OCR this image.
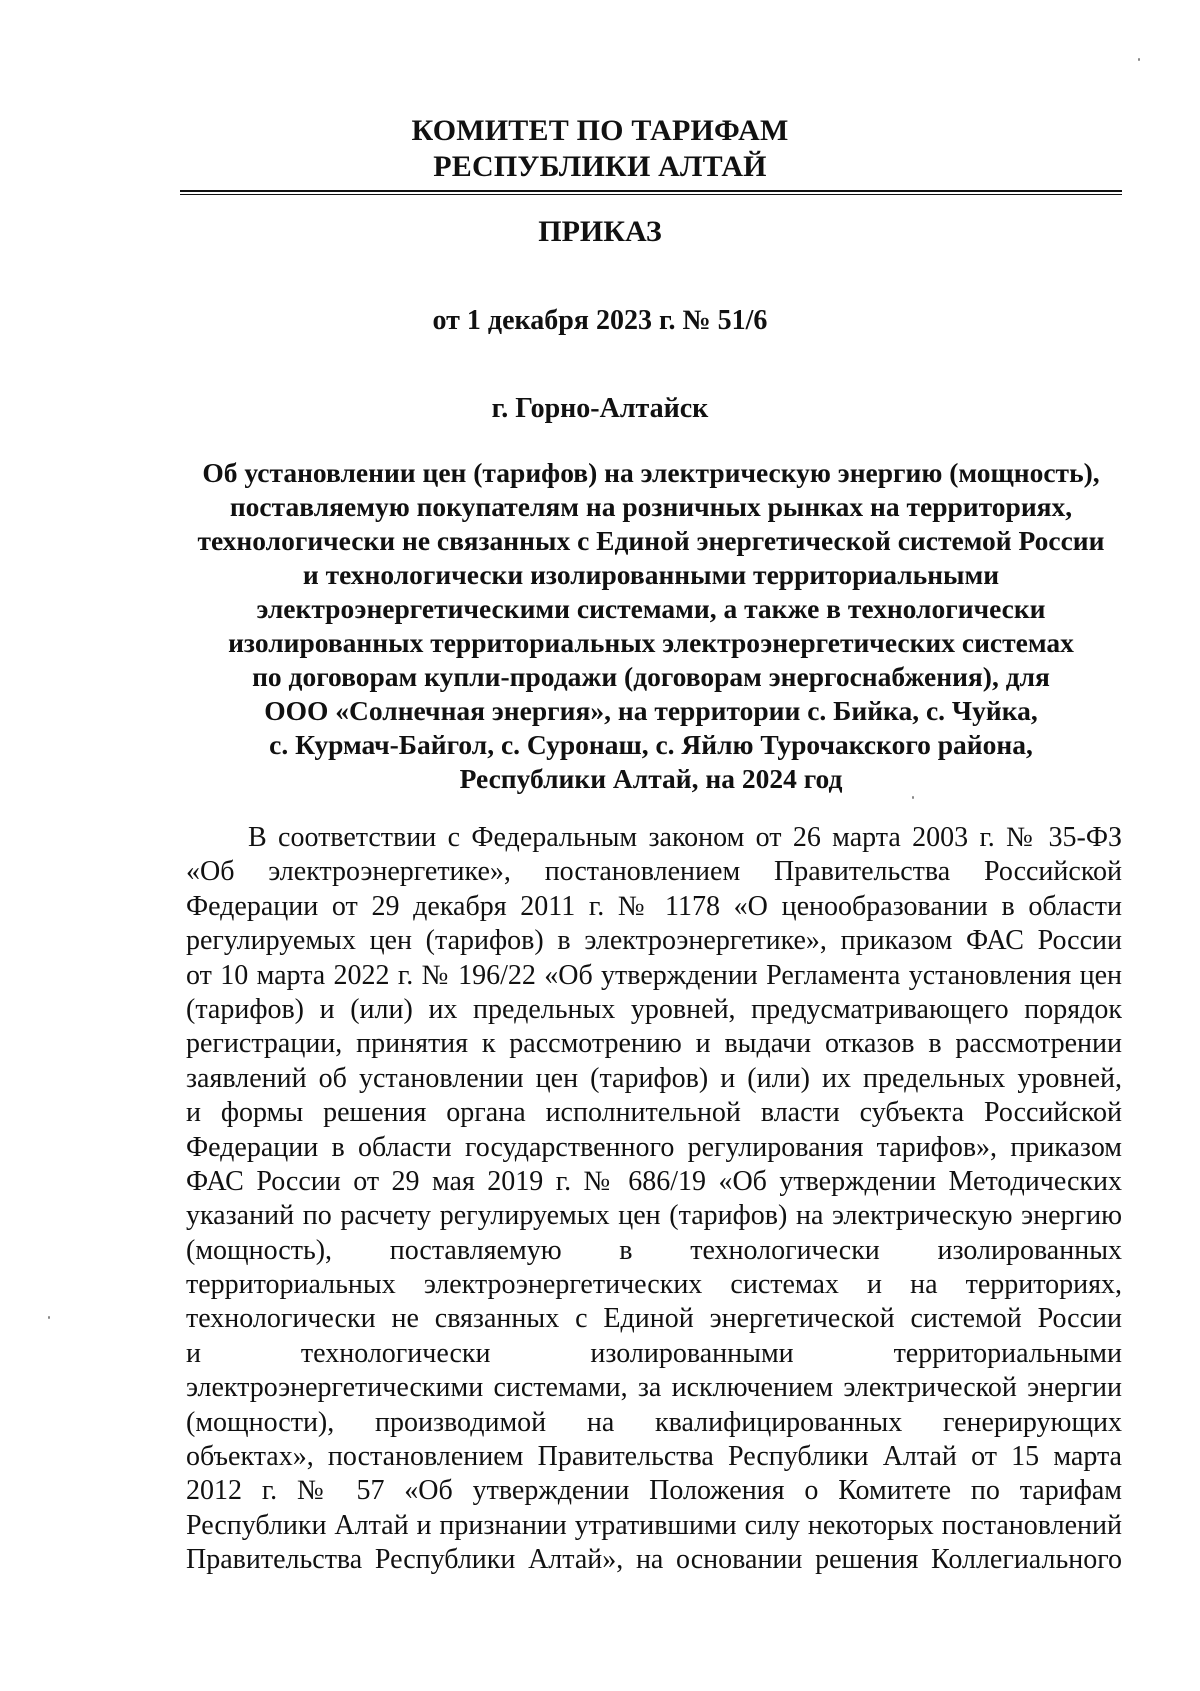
КОМИТЕТ ПО ТАРИФАМ
РЕСПУБЛИКИ АЛТАЙ
ПРИКАЗ
от 1 декабря 2023 г. № 51/6
г. Горно-Алтайск
Об установлении цен (тарифов) на электрическую энергию (мощность),
поставляемую покупателям на розничных рынках на территориях,
технологически не связанных с Единой энергетической системой России
и технологически изолированными территориальными
электроэнергетическими системами, а также в технологически
изолированных территориальных электроэнергетических системах
по договорам купли-продажи (договорам энергоснабжения), для
ООО «Солнечная энергия», на территории с. Бийка, с. Чуйка,
с. Курмач-Байгол, с. Суронаш, с. Яйлю Турочакского района,
Республики Алтай, на 2024 год
В соответствии с Федеральным законом от 26 марта 2003 г. № 35-ФЗ
«Об электроэнергетике», постановлением Правительства Российской
Федерации от 29 декабря 2011 г. № 1178 «О ценообразовании в области
регулируемых цен (тарифов) в электроэнергетике», приказом ФАС России
от 10 марта 2022 г. № 196/22 «Об утверждении Регламента установления цен
(тарифов) и (или) их предельных уровней, предусматривающего порядок
регистрации, принятия к рассмотрению и выдачи отказов в рассмотрении
заявлений об установлении цен (тарифов) и (или) их предельных уровней,
и формы решения органа исполнительной власти субъекта Российской
Федерации в области государственного регулирования тарифов», приказом
ФАС России от 29 мая 2019 г. № 686/19 «Об утверждении Методических
указаний по расчету регулируемых цен (тарифов) на электрическую энергию
(мощность), поставляемую в технологически изолированных
территориальных электроэнергетических системах и на территориях,
технологически не связанных с Единой энергетической системой России
и технологически изолированными территориальными
электроэнергетическими системами, за исключением электрической энергии
(мощности), производимой на квалифицированных генерирующих
объектах», постановлением Правительства Республики Алтай от 15 марта
2012 г. № 57 «Об утверждении Положения о Комитете по тарифам
Республики Алтай и признании утратившими силу некоторых постановлений
Правительства Республики Алтай», на основании решения Коллегиального
